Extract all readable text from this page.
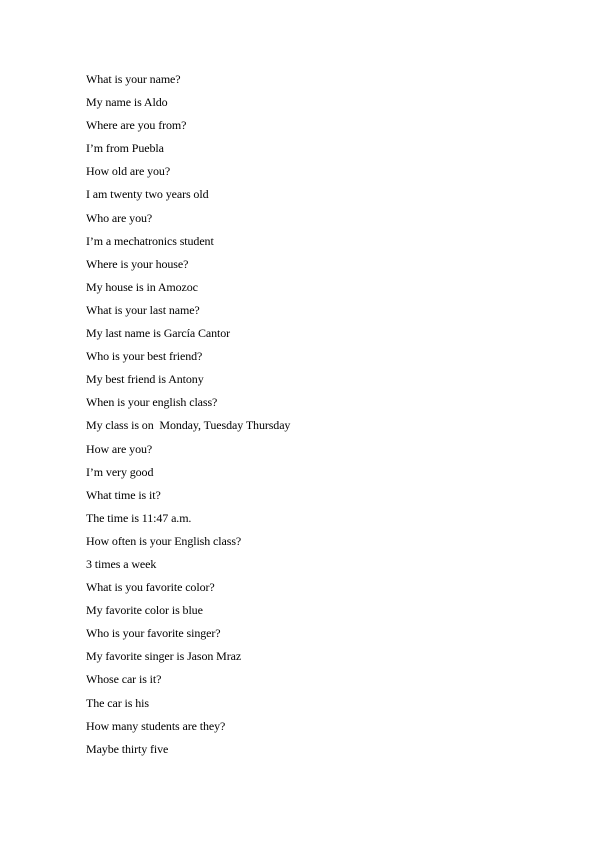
What is your name?
My name is Aldo
Where are you from?
I’m from Puebla
How old are you?
I am twenty two years old
Who are you?
I’m a mechatronics student
Where is your house?
My house is in Amozoc
What is your last name?
My last name is García Cantor
Who is your best friend?
My best friend is Antony
When is your english class?
My class is on  Monday, Tuesday Thursday
How are you?
I’m very good
What time is it?
The time is 11:47 a.m.
How often is your English class?
3 times a week
What is you favorite color?
My favorite color is blue
Who is your favorite singer?
My favorite singer is Jason Mraz
Whose car is it?
The car is his
How many students are they?
Maybe thirty five
